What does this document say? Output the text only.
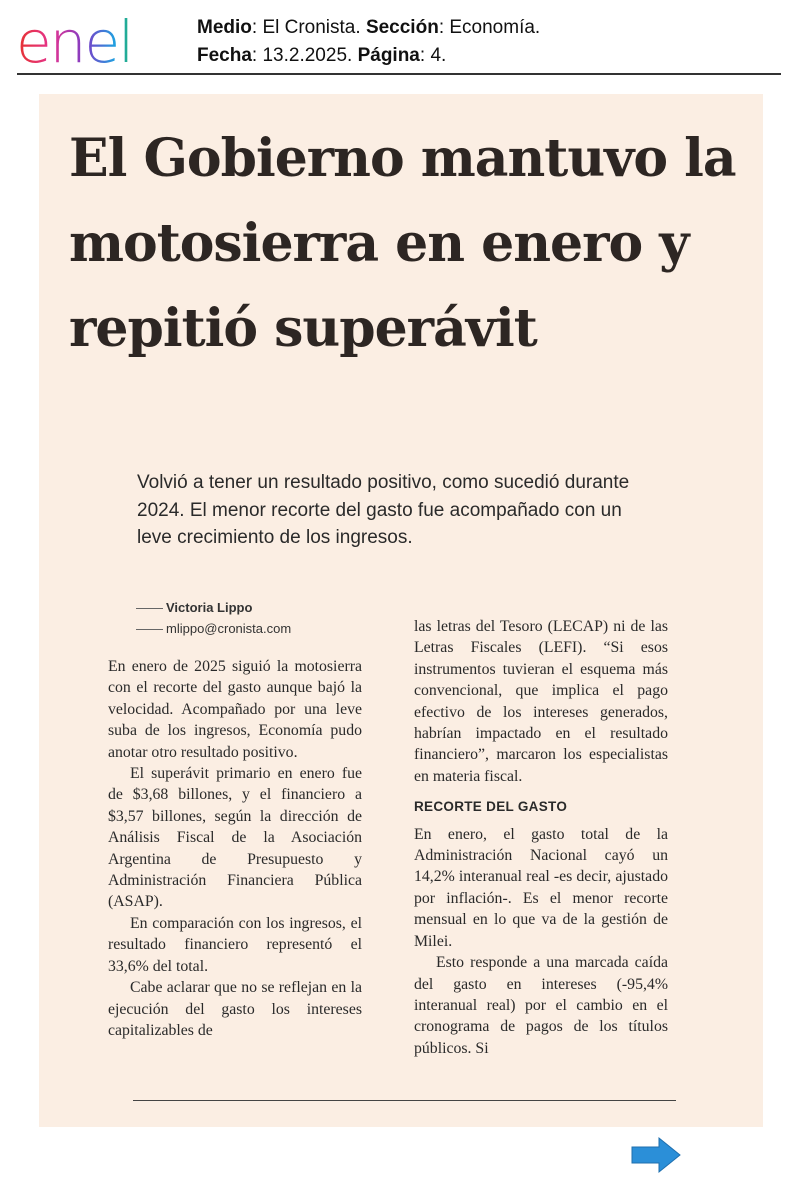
enel	Medio: El Cronista. Sección: Economía.
Fecha: 13.2.2025. Página: 4.
El Gobierno mantuvo la motosierra en enero y repitió superávit

Volvió a tener un resultado positivo, como sucedió durante 2024. El menor recorte del gasto fue acompañado con un leve crecimiento de los ingresos.

Victoria Lippo
mlippo@cronista.com

En enero de 2025 siguió la motosierra con el recorte del gasto aunque bajó la velocidad. Acompañado por una leve suba de los ingresos, Economía pudo anotar otro resultado positivo.

El superávit primario en enero fue de $3,68 billones, y el financiero a $3,57 billones, según la dirección de Análisis Fiscal de la Asociación Argentina de Presupuesto y Administración Financiera Pública (ASAP).

En comparación con los ingresos, el resultado financiero representó el 33,6% del total.

Cabe aclarar que no se reflejan en la ejecución del gasto los intereses capitalizables de

las letras del Tesoro (LECAP) ni de las Letras Fiscales (LEFI). “Si esos instrumentos tuvieran el esquema más convencional, que implica el pago efectivo de los intereses generados, habrían impactado en el resultado financiero”, marcaron los especialistas en materia fiscal.

RECORTE DEL GASTO

En enero, el gasto total de la Administración Nacional cayó un 14,2% interanual real -es decir, ajustado por inflación-. Es el menor recorte mensual en lo que va de la gestión de Milei.

Esto responde a una marcada caída del gasto en intereses (-95,4% interanual real) por el cambio en el cronograma de pagos de los títulos públicos. Si
